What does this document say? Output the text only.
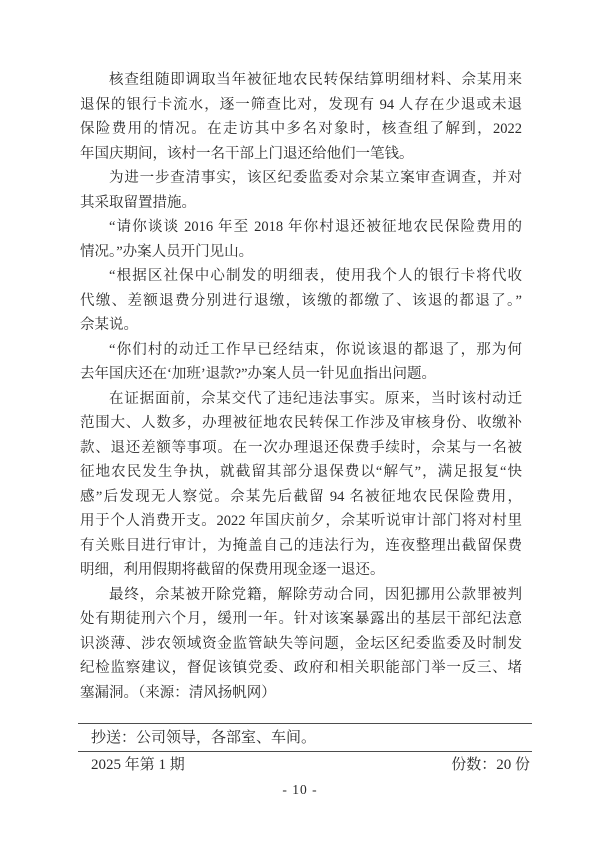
核查组随即调取当年被征地农民转保结算明细材料、佘某用来
退保的银行卡流水，逐一筛查比对，发现有 94 人存在少退或未退
保险费用的情况。在走访其中多名对象时，核查组了解到，2022
年国庆期间，该村一名干部上门退还给他们一笔钱。
为进一步查清事实，该区纪委监委对佘某立案审查调查，并对
其采取留置措施。
“请你谈谈 2016 年至 2018 年你村退还被征地农民保险费用的
情况。”办案人员开门见山。
“根据区社保中心制发的明细表，使用我个人的银行卡将代收
代缴、差额退费分别进行退缴，该缴的都缴了、该退的都退了。”
佘某说。
“你们村的动迁工作早已经结束，你说该退的都退了，那为何
去年国庆还在‘加班’退款?”办案人员一针见血指出问题。
在证据面前，佘某交代了违纪违法事实。原来，当时该村动迁
范围大、人数多，办理被征地农民转保工作涉及审核身份、收缴补
款、退还差额等事项。在一次办理退还保费手续时，佘某与一名被
征地农民发生争执，就截留其部分退保费以“解气”，满足报复“快
感”后发现无人察觉。佘某先后截留 94 名被征地农民保险费用，
用于个人消费开支。2022 年国庆前夕，佘某听说审计部门将对村里
有关账目进行审计，为掩盖自己的违法行为，连夜整理出截留保费
明细，利用假期将截留的保费用现金逐一退还。
最终，佘某被开除党籍，解除劳动合同，因犯挪用公款罪被判
处有期徒刑六个月，缓刑一年。针对该案暴露出的基层干部纪法意
识淡薄、涉农领域资金监管缺失等问题，金坛区纪委监委及时制发
纪检监察建议，督促该镇党委、政府和相关职能部门举一反三、堵
塞漏洞。（来源：清风扬帆网）
抄送：公司领导，各部室、车间。
2025 年第 1 期	份数：20 份
- 10 -
